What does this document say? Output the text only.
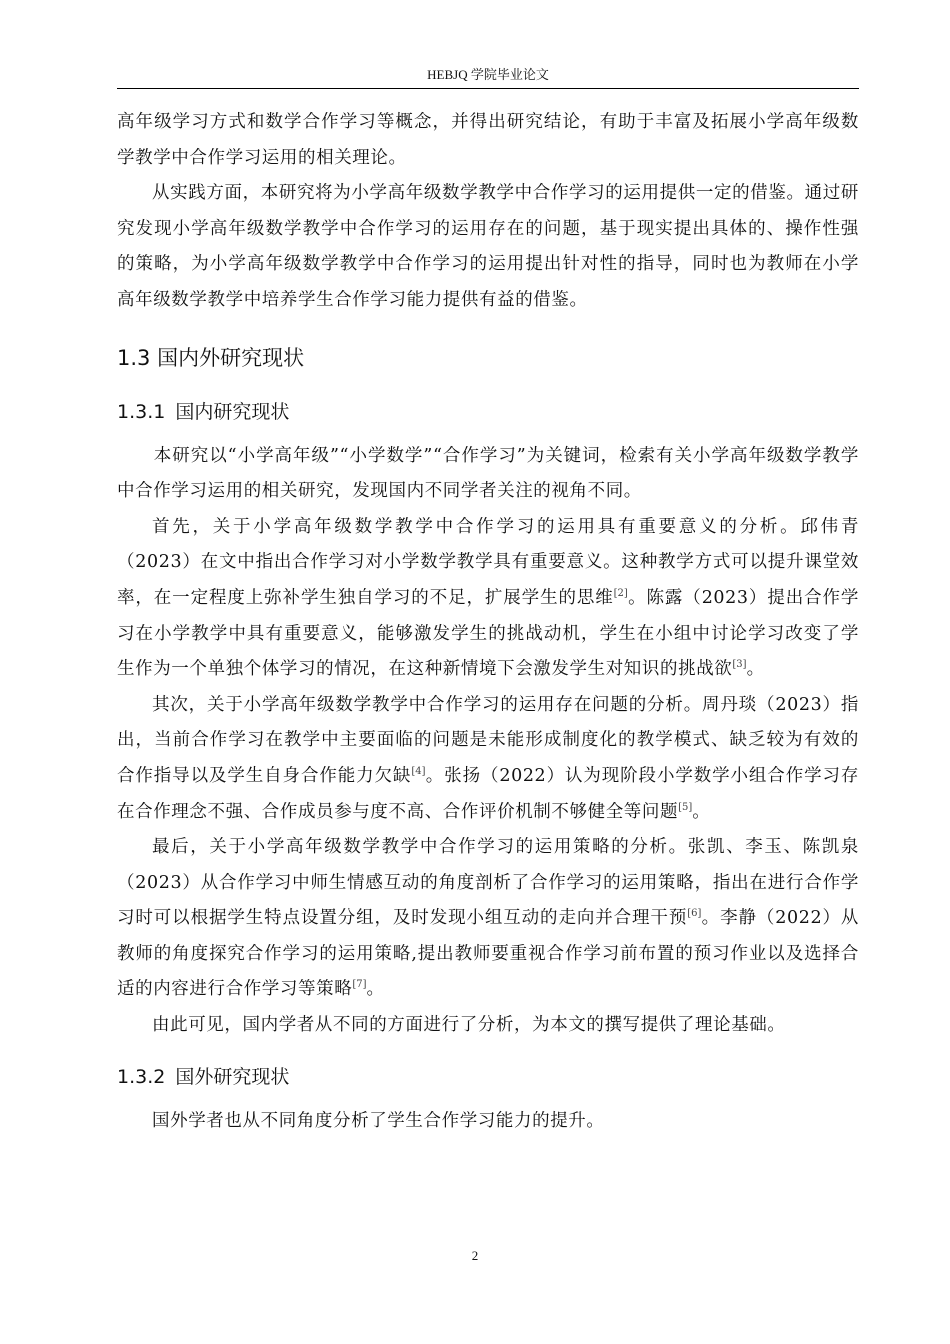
HEBJQ 学院毕业论文

高年级学习方式和数学合作学习等概念，并得出研究结论，有助于丰富及拓展小学高年级数学教学中合作学习运用的相关理论。

从实践方面，本研究将为小学高年级数学教学中合作学习的运用提供一定的借鉴。通过研究发现小学高年级数学教学中合作学习的运用存在的问题，基于现实提出具体的、操作性强的策略，为小学高年级数学教学中合作学习的运用提出针对性的指导，同时也为教师在小学高年级数学教学中培养学生合作学习能力提供有益的借鉴。

1.3 国内外研究现状
1.3.1 国内研究现状

本研究以“小学高年级”“小学数学”“合作学习”为关键词，检索有关小学高年级数学教学中合作学习运用的相关研究，发现国内不同学者关注的视角不同。

首先，关于小学高年级数学教学中合作学习的运用具有重要意义的分析。邱伟青（2023）在文中指出合作学习对小学数学教学具有重要意义。这种教学方式可以提升课堂效率，在一定程度上弥补学生独自学习的不足，扩展学生的思维[2]。陈露（2023）提出合作学习在小学教学中具有重要意义，能够激发学生的挑战动机，学生在小组中讨论学习改变了学生作为一个单独个体学习的情况，在这种新情境下会激发学生对知识的挑战欲[3]。

其次，关于小学高年级数学教学中合作学习的运用存在问题的分析。周丹琰（2023）指出，当前合作学习在教学中主要面临的问题是未能形成制度化的教学模式、缺乏较为有效的合作指导以及学生自身合作能力欠缺[4]。张扬（2022）认为现阶段小学数学小组合作学习存在合作理念不强、合作成员参与度不高、合作评价机制不够健全等问题[5]。

最后，关于小学高年级数学教学中合作学习的运用策略的分析。张凯、李玉、陈凯泉（2023）从合作学习中师生情感互动的角度剖析了合作学习的运用策略，指出在进行合作学习时可以根据学生特点设置分组，及时发现小组互动的走向并合理干预[6]。李静（2022）从教师的角度探究合作学习的运用策略,提出教师要重视合作学习前布置的预习作业以及选择合适的内容进行合作学习等策略[7]。

由此可见，国内学者从不同的方面进行了分析，为本文的撰写提供了理论基础。

1.3.2 国外研究现状

国外学者也从不同角度分析了学生合作学习能力的提升。

2
